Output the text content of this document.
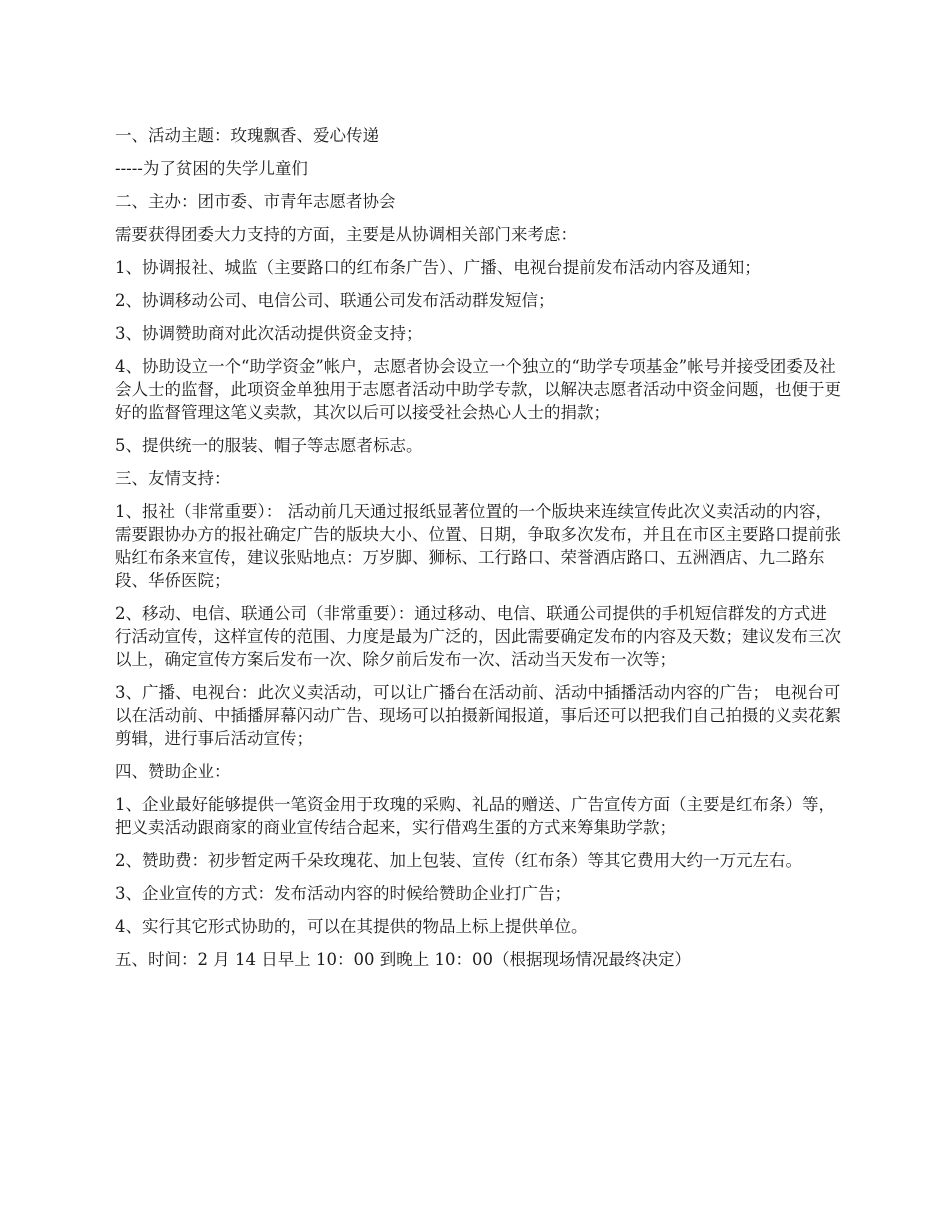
一、活动主题：玫瑰飘香、爱心传递

-----为了贫困的失学儿童们

二、主办：团市委、市青年志愿者协会

需要获得团委大力支持的方面，主要是从协调相关部门来考虑：

1、协调报社、城监（主要路口的红布条广告）、广播、电视台提前发布活动内容及通知；

2、协调移动公司、电信公司、联通公司发布活动群发短信；

3、协调赞助商对此次活动提供资金支持；

4、协助设立一个“助学资金”帐户，志愿者协会设立一个独立的“助学专项基金”帐号并接受团委及社会人士的监督，此项资金单独用于志愿者活动中助学专款，以解决志愿者活动中资金问题，也便于更好的监督管理这笔义卖款，其次以后可以接受社会热心人士的捐款；

5、提供统一的服装、帽子等志愿者标志。

三、友情支持：

1、报社（非常重要）： 活动前几天通过报纸显著位置的一个版块来连续宣传此次义卖活动的内容，需要跟协办方的报社确定广告的版块大小、位置、日期，争取多次发布，并且在市区主要路口提前张贴红布条来宣传，建议张贴地点：万岁脚、狮标、工行路口、荣誉酒店路口、五洲酒店、九二路东段、华侨医院；

2、移动、电信、联通公司（非常重要）：通过移动、电信、联通公司提供的手机短信群发的方式进行活动宣传，这样宣传的范围、力度是最为广泛的，因此需要确定发布的内容及天数；建议发布三次以上，确定宣传方案后发布一次、除夕前后发布一次、活动当天发布一次等；

3、广播、电视台：此次义卖活动，可以让广播台在活动前、活动中插播活动内容的广告； 电视台可以在活动前、中插播屏幕闪动广告、现场可以拍摄新闻报道，事后还可以把我们自己拍摄的义卖花絮剪辑，进行事后活动宣传；

四、赞助企业：

1、企业最好能够提供一笔资金用于玫瑰的采购、礼品的赠送、广告宣传方面（主要是红布条）等，把义卖活动跟商家的商业宣传结合起来，实行借鸡生蛋的方式来筹集助学款；

2、赞助费：初步暂定两千朵玫瑰花、加上包装、宣传（红布条）等其它费用大约一万元左右。

3、企业宣传的方式：发布活动内容的时候给赞助企业打广告；

4、实行其它形式协助的，可以在其提供的物品上标上提供单位。

五、时间：2 月 14 日早上 10：00 到晚上 10：00（根据现场情况最终决定）
